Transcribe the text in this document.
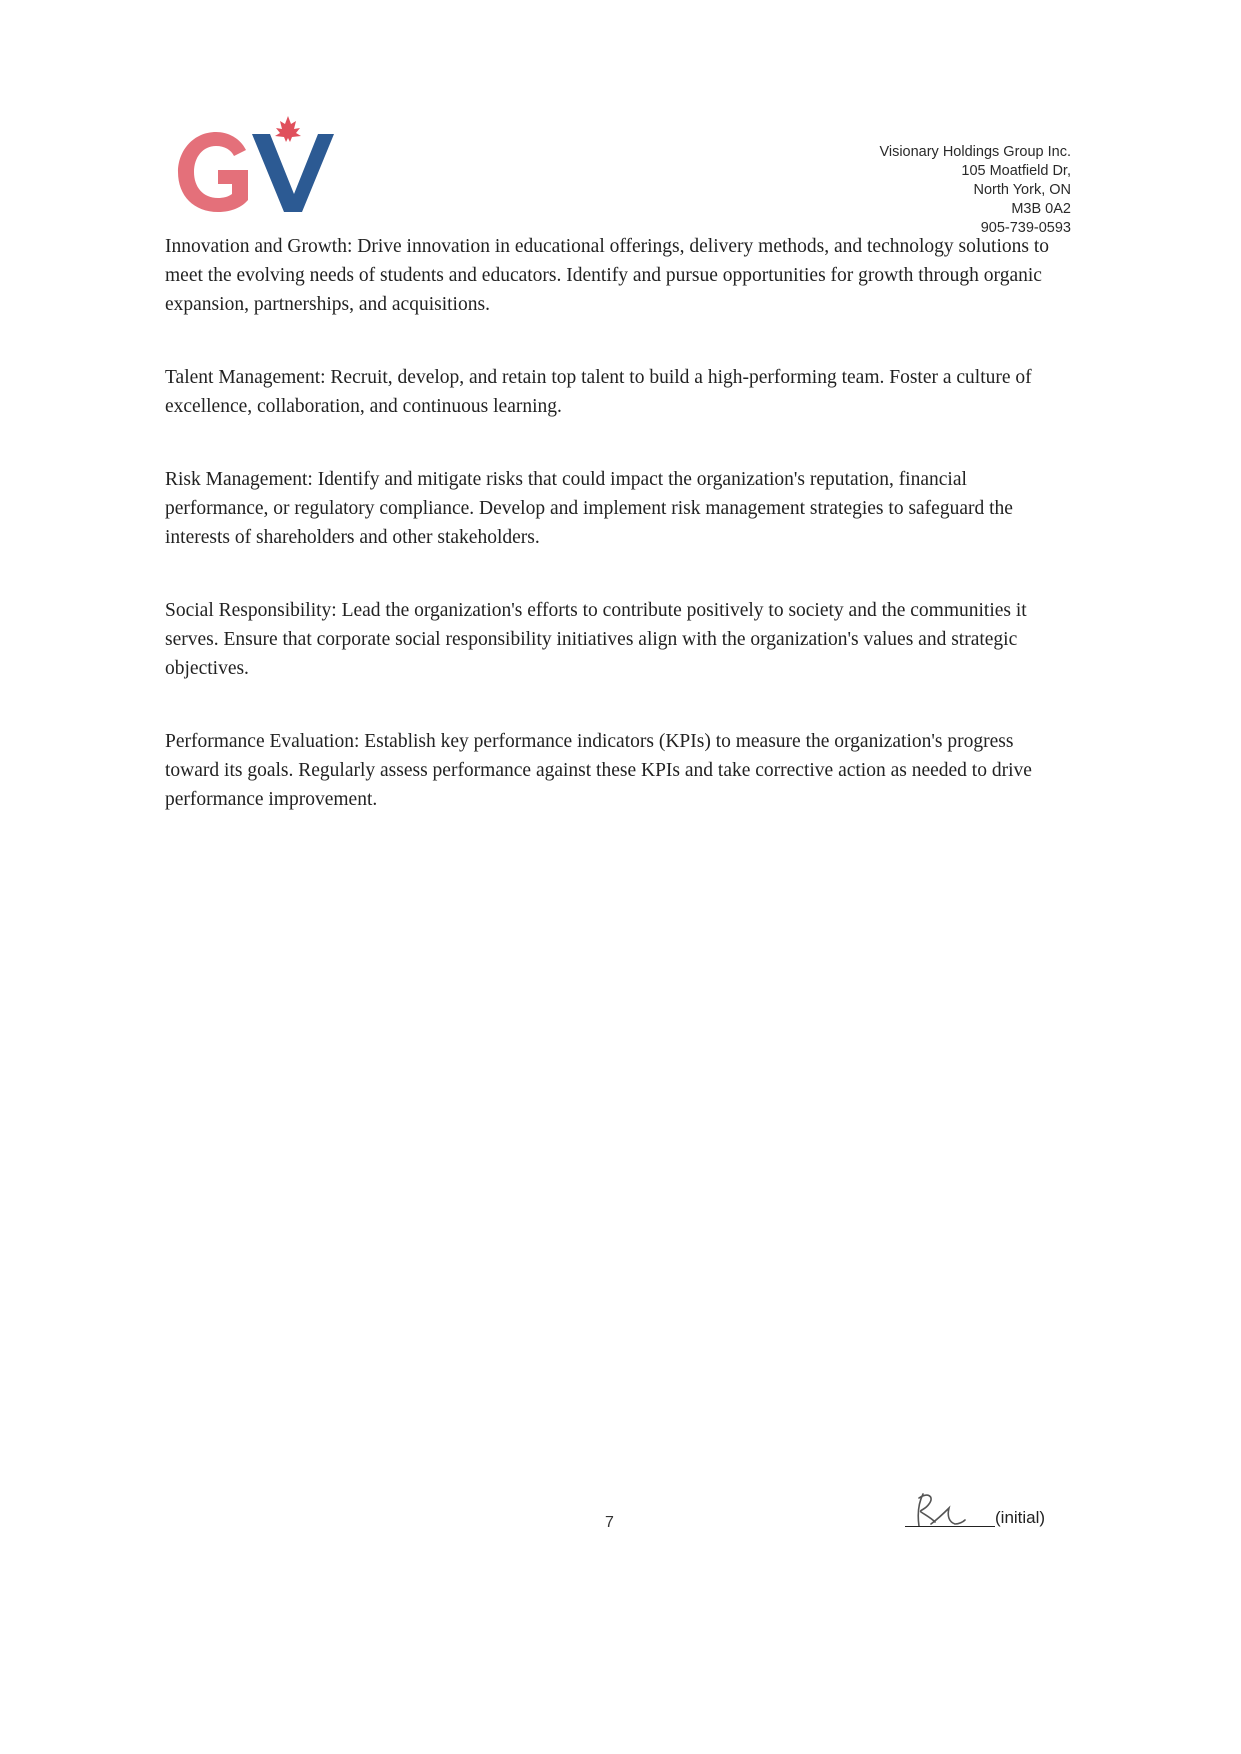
Visionary Holdings Group Inc.
105 Moatfield Dr,
North York, ON
M3B 0A2
905-739-0593

Innovation and Growth: Drive innovation in educational offerings, delivery methods, and technology solutions to meet the evolving needs of students and educators. Identify and pursue opportunities for growth through organic expansion, partnerships, and acquisitions.

Talent Management: Recruit, develop, and retain top talent to build a high-performing team. Foster a culture of excellence, collaboration, and continuous learning.

Risk Management: Identify and mitigate risks that could impact the organization's reputation, financial performance, or regulatory compliance. Develop and implement risk management strategies to safeguard the interests of shareholders and other stakeholders.

Social Responsibility: Lead the organization's efforts to contribute positively to society and the communities it serves. Ensure that corporate social responsibility initiatives align with the organization's values and strategic objectives.

Performance Evaluation: Establish key performance indicators (KPIs) to measure the organization's progress toward its goals. Regularly assess performance against these KPIs and take corrective action as needed to drive performance improvement.

7	(initial)
